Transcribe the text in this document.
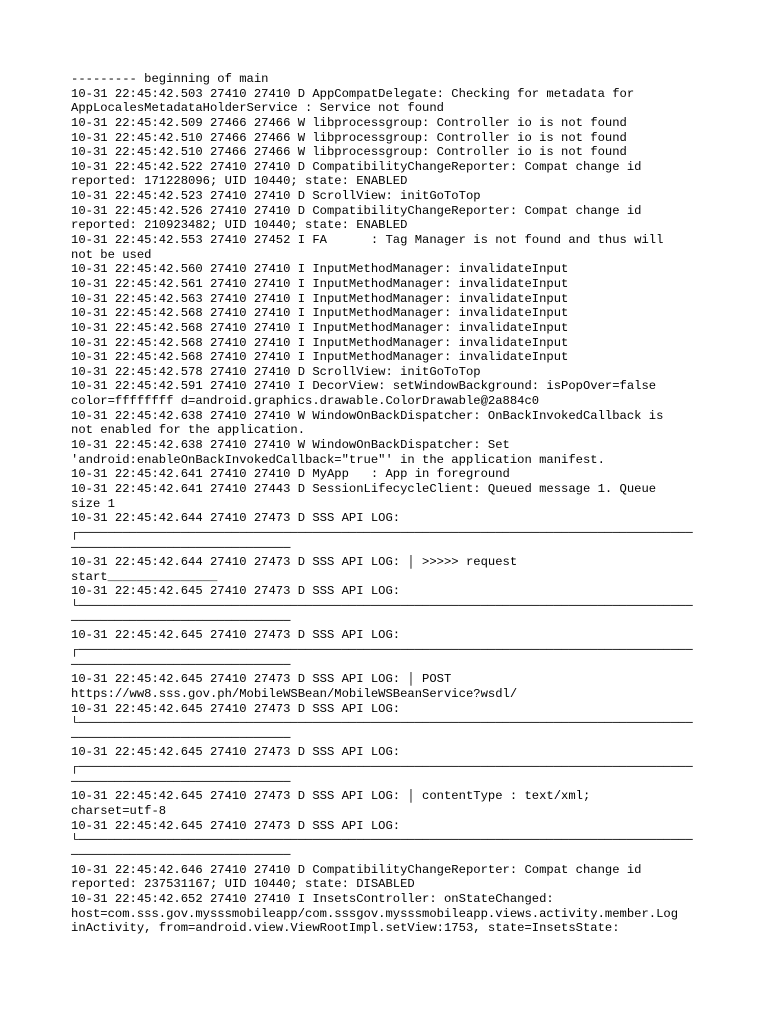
--------- beginning of main
10-31 22:45:42.503 27410 27410 D AppCompatDelegate: Checking for metadata for
AppLocalesMetadataHolderService : Service not found
10-31 22:45:42.509 27466 27466 W libprocessgroup: Controller io is not found
10-31 22:45:42.510 27466 27466 W libprocessgroup: Controller io is not found
10-31 22:45:42.510 27466 27466 W libprocessgroup: Controller io is not found
10-31 22:45:42.522 27410 27410 D CompatibilityChangeReporter: Compat change id
reported: 171228096; UID 10440; state: ENABLED
10-31 22:45:42.523 27410 27410 D ScrollView: initGoToTop
10-31 22:45:42.526 27410 27410 D CompatibilityChangeReporter: Compat change id
reported: 210923482; UID 10440; state: ENABLED
10-31 22:45:42.553 27410 27452 I FA      : Tag Manager is not found and thus will
not be used
10-31 22:45:42.560 27410 27410 I InputMethodManager: invalidateInput
10-31 22:45:42.561 27410 27410 I InputMethodManager: invalidateInput
10-31 22:45:42.563 27410 27410 I InputMethodManager: invalidateInput
10-31 22:45:42.568 27410 27410 I InputMethodManager: invalidateInput
10-31 22:45:42.568 27410 27410 I InputMethodManager: invalidateInput
10-31 22:45:42.568 27410 27410 I InputMethodManager: invalidateInput
10-31 22:45:42.568 27410 27410 I InputMethodManager: invalidateInput
10-31 22:45:42.578 27410 27410 D ScrollView: initGoToTop
10-31 22:45:42.591 27410 27410 I DecorView: setWindowBackground: isPopOver=false
color=ffffffff d=android.graphics.drawable.ColorDrawable@2a884c0
10-31 22:45:42.638 27410 27410 W WindowOnBackDispatcher: OnBackInvokedCallback is
not enabled for the application.
10-31 22:45:42.638 27410 27410 W WindowOnBackDispatcher: Set
'android:enableOnBackInvokedCallback="true"' in the application manifest.
10-31 22:45:42.641 27410 27410 D MyApp   : App in foreground
10-31 22:45:42.641 27410 27443 D SessionLifecycleClient: Queued message 1. Queue
size 1
10-31 22:45:42.644 27410 27473 D SSS API LOG:
┌────────────────────────────────────────────────────────────────────────────────────
──────────────────────────────
10-31 22:45:42.644 27410 27473 D SSS API LOG: │ >>>>> request
start_______________
10-31 22:45:42.645 27410 27473 D SSS API LOG:
└────────────────────────────────────────────────────────────────────────────────────
──────────────────────────────
10-31 22:45:42.645 27410 27473 D SSS API LOG:
┌────────────────────────────────────────────────────────────────────────────────────
──────────────────────────────
10-31 22:45:42.645 27410 27473 D SSS API LOG: │ POST
https://ww8.sss.gov.ph/MobileWSBean/MobileWSBeanService?wsdl/
10-31 22:45:42.645 27410 27473 D SSS API LOG:
└────────────────────────────────────────────────────────────────────────────────────
──────────────────────────────
10-31 22:45:42.645 27410 27473 D SSS API LOG:
┌────────────────────────────────────────────────────────────────────────────────────
──────────────────────────────
10-31 22:45:42.645 27410 27473 D SSS API LOG: │ contentType : text/xml;
charset=utf-8
10-31 22:45:42.645 27410 27473 D SSS API LOG:
└────────────────────────────────────────────────────────────────────────────────────
──────────────────────────────
10-31 22:45:42.646 27410 27410 D CompatibilityChangeReporter: Compat change id
reported: 237531167; UID 10440; state: DISABLED
10-31 22:45:42.652 27410 27410 I InsetsController: onStateChanged:
host=com.sss.gov.mysssmobileapp/com.sssgov.mysssmobileapp.views.activity.member.Log
inActivity, from=android.view.ViewRootImpl.setView:1753, state=InsetsState:
